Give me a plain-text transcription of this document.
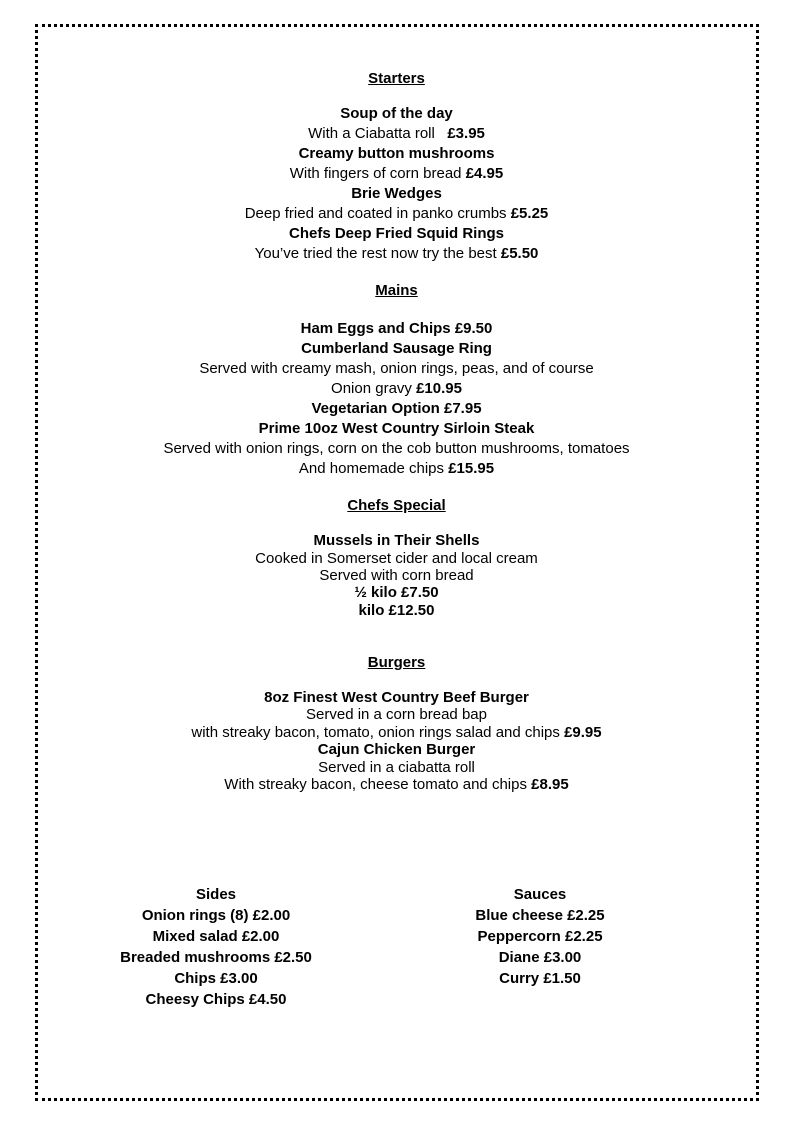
Starters
Soup of the day
With a Ciabatta roll £3.95
Creamy button mushrooms
With fingers of corn bread £4.95
Brie Wedges
Deep fried and coated in panko crumbs £5.25
Chefs Deep Fried Squid Rings
You’ve tried the rest now try the best £5.50
Mains
Ham Eggs and Chips £9.50
Cumberland Sausage Ring
Served with creamy mash, onion rings, peas, and of course
Onion gravy £10.95
Vegetarian Option £7.95
Prime 10oz West Country Sirloin Steak
Served with onion rings, corn on the cob button mushrooms, tomatoes
And homemade chips £15.95
Chefs Special
Mussels in Their Shells
Cooked in Somerset cider and local cream
Served with corn bread
½ kilo £7.50
kilo £12.50
Burgers
8oz Finest West Country Beef Burger
Served in a corn bread bap
with streaky bacon, tomato, onion rings salad and chips £9.95
Cajun Chicken Burger
Served in a ciabatta roll
With streaky bacon, cheese tomato and chips £8.95
Sides
Onion rings (8) £2.00
Mixed salad £2.00
Breaded mushrooms £2.50
Chips £3.00
Cheesy Chips £4.50
Sauces
Blue cheese £2.25
Peppercorn £2.25
Diane £3.00
Curry £1.50
